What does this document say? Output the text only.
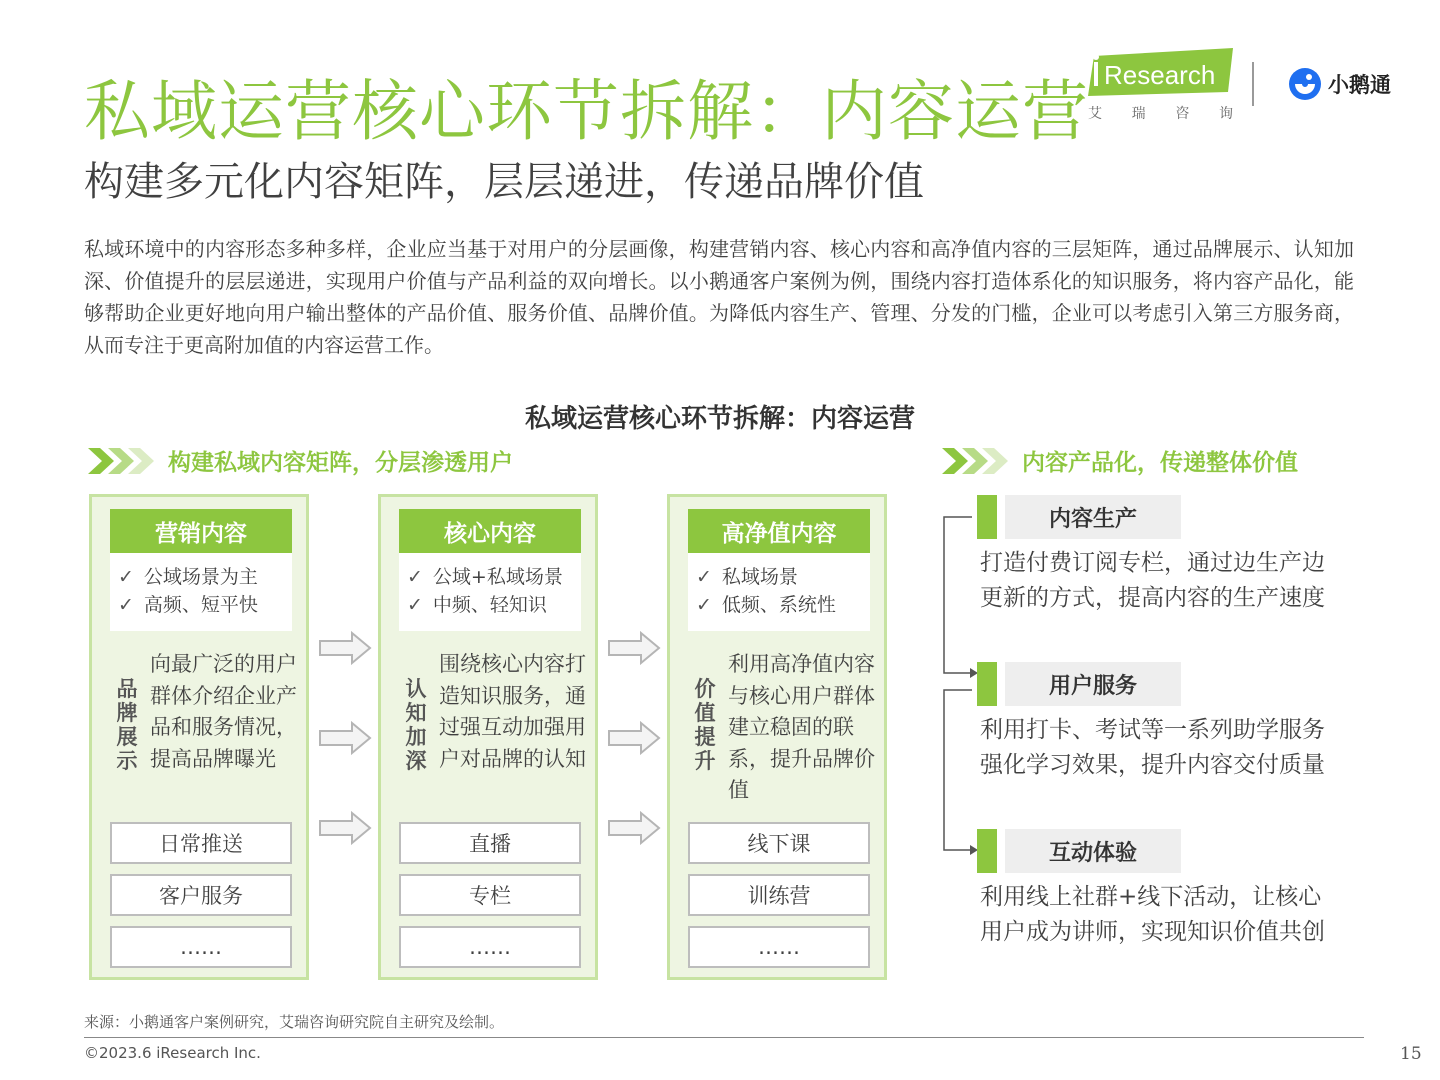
私域运营核心环节拆解：内容运营
构建多元化内容矩阵，层层递进，传递品牌价值
Research
艾 瑞 咨 询
小鹅通
私域环境中的内容形态多种多样，企业应当基于对用户的分层画像，构建营销内容、核心内容和高净值内容的三层矩阵，通过品牌展示、认知加深、价值提升的层层递进，实现用户价值与产品利益的双向增长。以小鹅通客户案例为例，围绕内容打造体系化的知识服务，将内容产品化，能够帮助企业更好地向用户输出整体的产品价值、服务价值、品牌价值。为降低内容生产、管理、分发的门槛，企业可以考虑引入第三方服务商，从而专注于更高附加值的内容运营工作。
私域运营核心环节拆解：内容运营
构建私域内容矩阵，分层渗透用户	内容产品化，传递整体价值
营销内容
✓ 公域场景为主
✓ 高频、短平快
品牌展示
向最广泛的用户群体介绍企业产品和服务情况，提高品牌曝光
日常推送
客户服务
……
核心内容
✓ 公域+私域场景
✓ 中频、轻知识
认知加深
围绕核心内容打造知识服务，通过强互动加强用户对品牌的认知
直播
专栏
……
高净值内容
✓ 私域场景
✓ 低频、系统性
价值提升
利用高净值内容与核心用户群体建立稳固的联系，提升品牌价值
线下课
训练营
……
内容生产
打造付费订阅专栏，通过边生产边更新的方式，提高内容的生产速度
用户服务
利用打卡、考试等一系列助学服务强化学习效果，提升内容交付质量
互动体验
利用线上社群+线下活动，让核心用户成为讲师，实现知识价值共创
来源：小鹅通客户案例研究，艾瑞咨询研究院自主研究及绘制。
©2023.6 iResearch Inc.	15
